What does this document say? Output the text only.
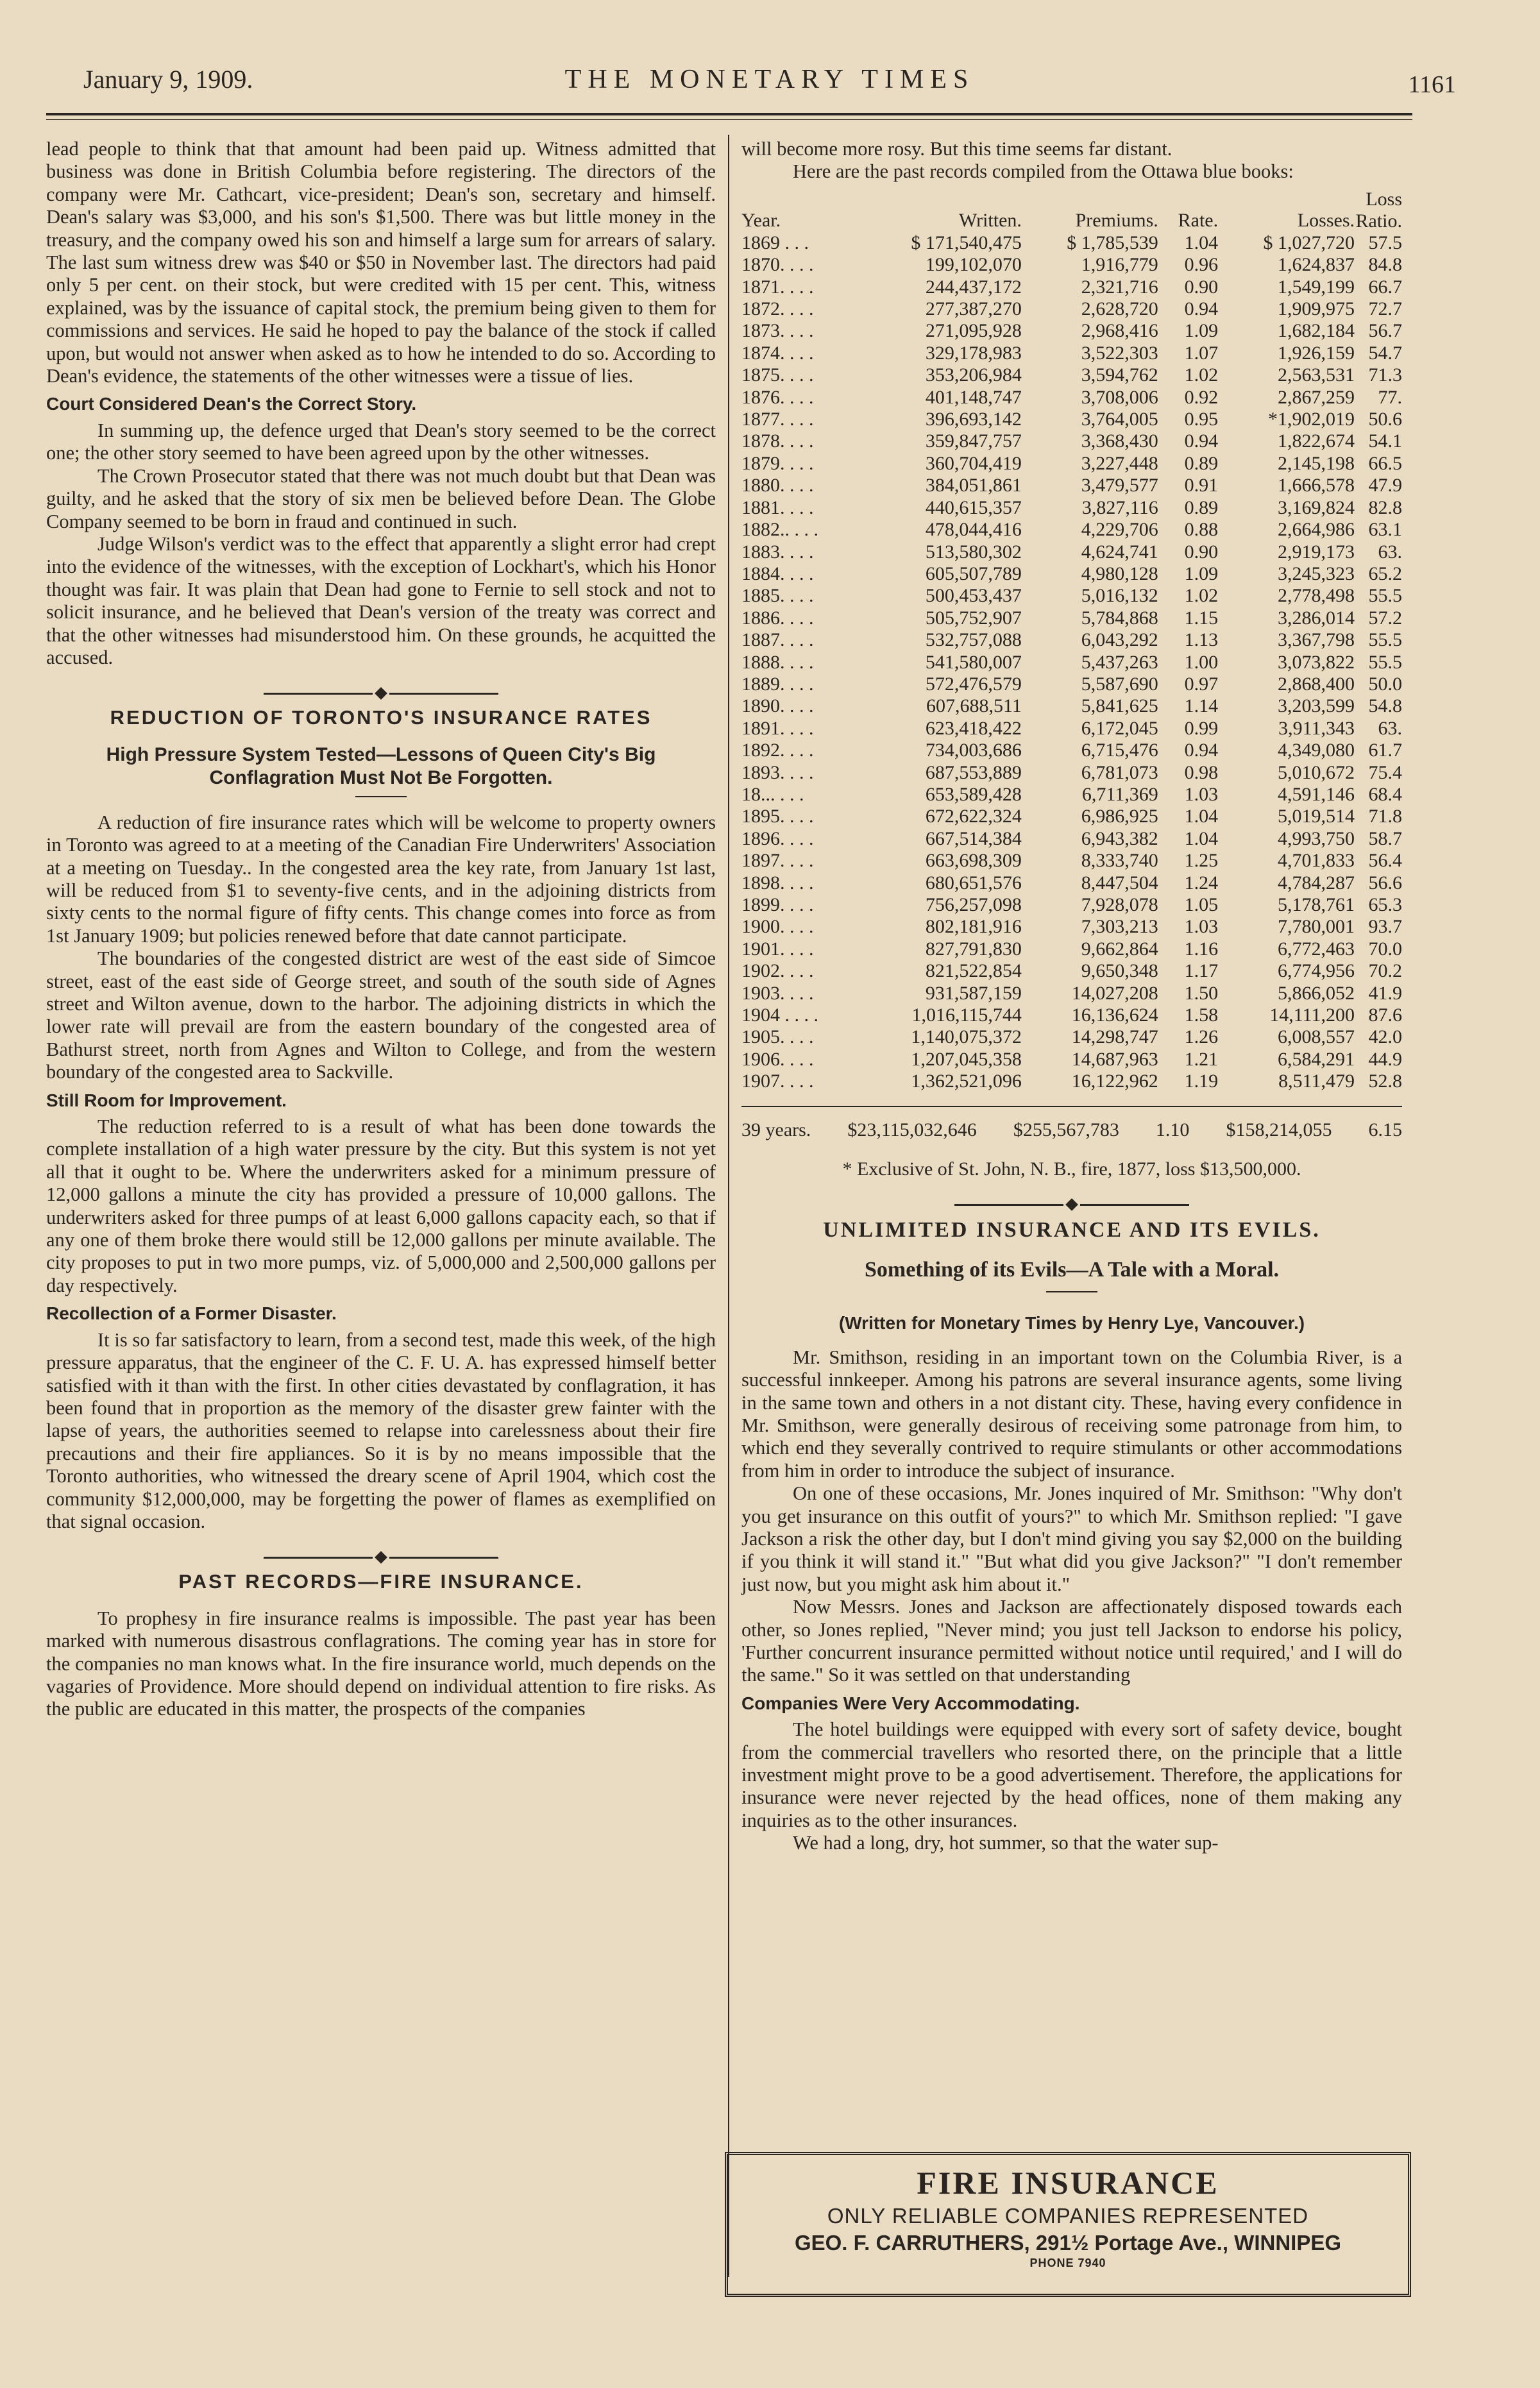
January 9, 1909.	THE MONETARY TIMES	1161

lead people to think that that amount had been paid up. Witness admitted that business was done in British Columbia before registering. The directors of the company were Mr. Cathcart, vice-president; Dean's son, secretary and himself. Dean's salary was $3,000, and his son's $1,500. There was but little money in the treasury, and the company owed his son and himself a large sum for arrears of salary. The last sum witness drew was $40 or $50 in November last. The directors had paid only 5 per cent. on their stock, but were credited with 15 per cent. This, witness explained, was by the issuance of capital stock, the premium being given to them for commissions and services. He said he hoped to pay the balance of the stock if called upon, but would not answer when asked as to how he intended to do so. According to Dean's evidence, the statements of the other witnesses were a tissue of lies.

Court Considered Dean's the Correct Story.

In summing up, the defence urged that Dean's story seemed to be the correct one; the other story seemed to have been agreed upon by the other witnesses.

The Crown Prosecutor stated that there was not much doubt but that Dean was guilty, and he asked that the story of six men be believed before Dean. The Globe Company seemed to be born in fraud and continued in such.

Judge Wilson's verdict was to the effect that apparently a slight error had crept into the evidence of the witnesses, with the exception of Lockhart's, which his Honor thought was fair. It was plain that Dean had gone to Fernie to sell stock and not to solicit insurance, and he believed that Dean's version of the treaty was correct and that the other witnesses had misunderstood him. On these grounds, he acquitted the accused.

REDUCTION OF TORONTO'S INSURANCE RATES
High Pressure System Tested—Lessons of Queen City's Big Conflagration Must Not Be Forgotten.

A reduction of fire insurance rates which will be welcome to property owners in Toronto was agreed to at a meeting of the Canadian Fire Underwriters' Association at a meeting on Tuesday.. In the congested area the key rate, from January 1st last, will be reduced from $1 to seventy-five cents, and in the adjoining districts from sixty cents to the normal figure of fifty cents. This change comes into force as from 1st January 1909; but policies renewed before that date cannot participate.

The boundaries of the congested district are west of the east side of Simcoe street, east of the east side of George street, and south of the south side of Agnes street and Wilton avenue, down to the harbor. The adjoining districts in which the lower rate will prevail are from the eastern boundary of the congested area of Bathurst street, north from Agnes and Wilton to College, and from the western boundary of the congested area to Sackville.

Still Room for Improvement.

The reduction referred to is a result of what has been done towards the complete installation of a high water pressure by the city. But this system is not yet all that it ought to be. Where the underwriters asked for a minimum pressure of 12,000 gallons a minute the city has provided a pressure of 10,000 gallons. The underwriters asked for three pumps of at least 6,000 gallons capacity each, so that if any one of them broke there would still be 12,000 gallons per minute available. The city proposes to put in two more pumps, viz. of 5,000,000 and 2,500,000 gallons per day respectively.

Recollection of a Former Disaster.

It is so far satisfactory to learn, from a second test, made this week, of the high pressure apparatus, that the engineer of the C. F. U. A. has expressed himself better satisfied with it than with the first. In other cities devastated by conflagration, it has been found that in proportion as the memory of the disaster grew fainter with the lapse of years, the authorities seemed to relapse into carelessness about their fire precautions and their fire appliances. So it is by no means impossible that the Toronto authorities, who witnessed the dreary scene of April 1904, which cost the community $12,000,000, may be forgetting the power of flames as exemplified on that signal occasion.

PAST RECORDS—FIRE INSURANCE.

To prophesy in fire insurance realms is impossible. The past year has been marked with numerous disastrous conflagrations. The coming year has in store for the companies no man knows what. In the fire insurance world, much depends on the vagaries of Providence. More should depend on individual attention to fire risks. As the public are educated in this matter, the prospects of the companies

will become more rosy. But this time seems far distant.

Here are the past records compiled from the Ottawa blue books:

Year.	Written.	Premiums.	Rate.	Losses.	Loss Ratio.
1869 . . .	$ 171,540,475	$ 1,785,539	1.04	$ 1,027,720	57.5
1870. . . .	199,102,070	1,916,779	0.96	1,624,837	84.8
1871. . . .	244,437,172	2,321,716	0.90	1,549,199	66.7
1872. . . .	277,387,270	2,628,720	0.94	1,909,975	72.7
1873. . . .	271,095,928	2,968,416	1.09	1,682,184	56.7
1874. . . .	329,178,983	3,522,303	1.07	1,926,159	54.7
1875. . . .	353,206,984	3,594,762	1.02	2,563,531	71.3
1876. . . .	401,148,747	3,708,006	0.92	2,867,259	77.
1877. . . .	396,693,142	3,764,005	0.95	*1,902,019	50.6
1878. . . .	359,847,757	3,368,430	0.94	1,822,674	54.1
1879. . . .	360,704,419	3,227,448	0.89	2,145,198	66.5
1880. . . .	384,051,861	3,479,577	0.91	1,666,578	47.9
1881. . . .	440,615,357	3,827,116	0.89	3,169,824	82.8
1882.. . . .	478,044,416	4,229,706	0.88	2,664,986	63.1
1883. . . .	513,580,302	4,624,741	0.90	2,919,173	63.
1884. . . .	605,507,789	4,980,128	1.09	3,245,323	65.2
1885. . . .	500,453,437	5,016,132	1.02	2,778,498	55.5
1886. . . .	505,752,907	5,784,868	1.15	3,286,014	57.2
1887. . . .	532,757,088	6,043,292	1.13	3,367,798	55.5
1888. . . .	541,580,007	5,437,263	1.00	3,073,822	55.5
1889. . . .	572,476,579	5,587,690	0.97	2,868,400	50.0
1890. . . .	607,688,511	5,841,625	1.14	3,203,599	54.8
1891. . . .	623,418,422	6,172,045	0.99	3,911,343	63.
1892. . . .	734,003,686	6,715,476	0.94	4,349,080	61.7
1893. . . .	687,553,889	6,781,073	0.98	5,010,672	75.4
18... . . .	653,589,428	6,711,369	1.03	4,591,146	68.4
1895. . . .	672,622,324	6,986,925	1.04	5,019,514	71.8
1896. . . .	667,514,384	6,943,382	1.04	4,993,750	58.7
1897. . . .	663,698,309	8,333,740	1.25	4,701,833	56.4
1898. . . .	680,651,576	8,447,504	1.24	4,784,287	56.6
1899. . . .	756,257,098	7,928,078	1.05	5,178,761	65.3
1900. . . .	802,181,916	7,303,213	1.03	7,780,001	93.7
1901. . . .	827,791,830	9,662,864	1.16	6,772,463	70.0
1902. . . .	821,522,854	9,650,348	1.17	6,774,956	70.2
1903. . . .	931,587,159	14,027,208	1.50	5,866,052	41.9
1904 . . . .	1,016,115,744	16,136,624	1.58	14,111,200	87.6
1905. . . .	1,140,075,372	14,298,747	1.26	6,008,557	42.0
1906. . . .	1,207,045,358	14,687,963	1.21	6,584,291	44.9
1907. . . .	1,362,521,096	16,122,962	1.19	8,511,479	52.8
39 years. $23,115,032,646 $255,567,783 1.10 $158,214,055 6.15
* Exclusive of St. John, N. B., fire, 1877, loss $13,500,000.
UNLIMITED INSURANCE AND ITS EVILS.
Something of its Evils—A Tale with a Moral.
(Written for Monetary Times by Henry Lye, Vancouver.)

Mr. Smithson, residing in an important town on the Columbia River, is a successful innkeeper. Among his patrons are several insurance agents, some living in the same town and others in a not distant city. These, having every confidence in Mr. Smithson, were generally desirous of receiving some patronage from him, to which end they severally contrived to require stimulants or other accommodations from him in order to introduce the subject of insurance.

On one of these occasions, Mr. Jones inquired of Mr. Smithson: "Why don't you get insurance on this outfit of yours?" to which Mr. Smithson replied: "I gave Jackson a risk the other day, but I don't mind giving you say $2,000 on the building if you think it will stand it." "But what did you give Jackson?" "I don't remember just now, but you might ask him about it."

Now Messrs. Jones and Jackson are affectionately disposed towards each other, so Jones replied, "Never mind; you just tell Jackson to endorse his policy, 'Further concurrent insurance permitted without notice until required,' and I will do the same." So it was settled on that understanding

Companies Were Very Accommodating.

The hotel buildings were equipped with every sort of safety device, bought from the commercial travellers who resorted there, on the principle that a little investment might prove to be a good advertisement. Therefore, the applications for insurance were never rejected by the head offices, none of them making any inquiries as to the other insurances.

We had a long, dry, hot summer, so that the water sup-

FIRE INSURANCE
ONLY RELIABLE COMPANIES REPRESENTED
GEO. F. CARRUTHERS, 291½ Portage Ave., WINNIPEG
PHONE 7940
